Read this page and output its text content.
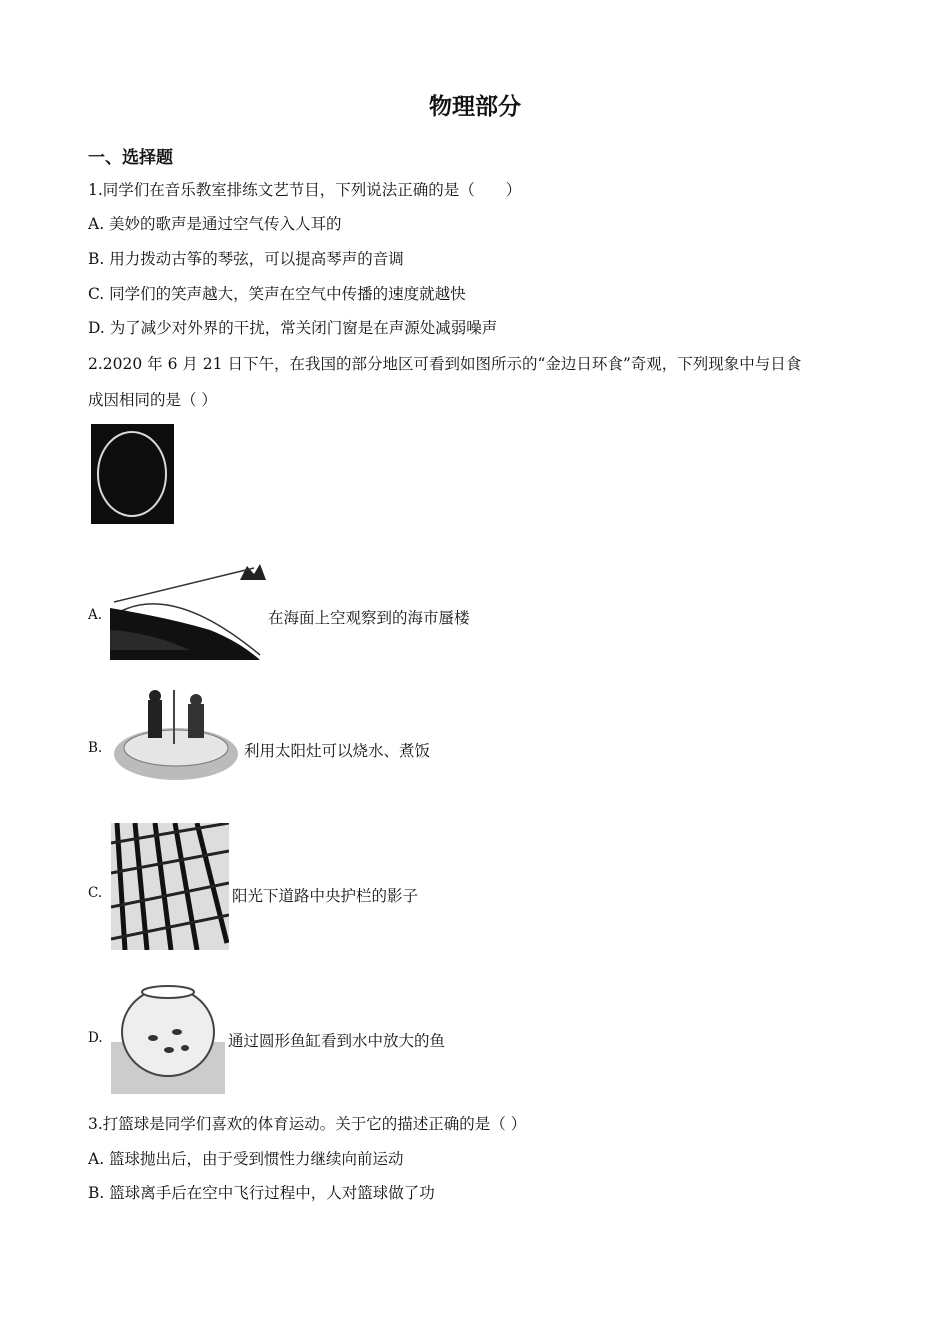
物理部分
一、选择题
1.同学们在音乐教室排练文艺节目，下列说法正确的是（　　）
A. 美妙的歌声是通过空气传入人耳的
B. 用力拨动古筝的琴弦，可以提高琴声的音调
C. 同学们的笑声越大，笑声在空气中传播的速度就越快
D. 为了减少对外界的干扰，常关闭门窗是在声源处减弱噪声
2.2020 年 6 月 21 日下午，在我国的部分地区可看到如图所示的“金边日环食”奇观，下列现象中与日食
成因相同的是（ ）
A.	在海面上空观察到的海市蜃楼
B.	利用太阳灶可以烧水、煮饭
C.	阳光下道路中央护栏的影子
D.	通过圆形鱼缸看到水中放大的鱼
3.打篮球是同学们喜欢的体育运动。关于它的描述正确的是（ ）
A. 篮球抛出后，由于受到惯性力继续向前运动
B. 篮球离手后在空中飞行过程中，人对篮球做了功
